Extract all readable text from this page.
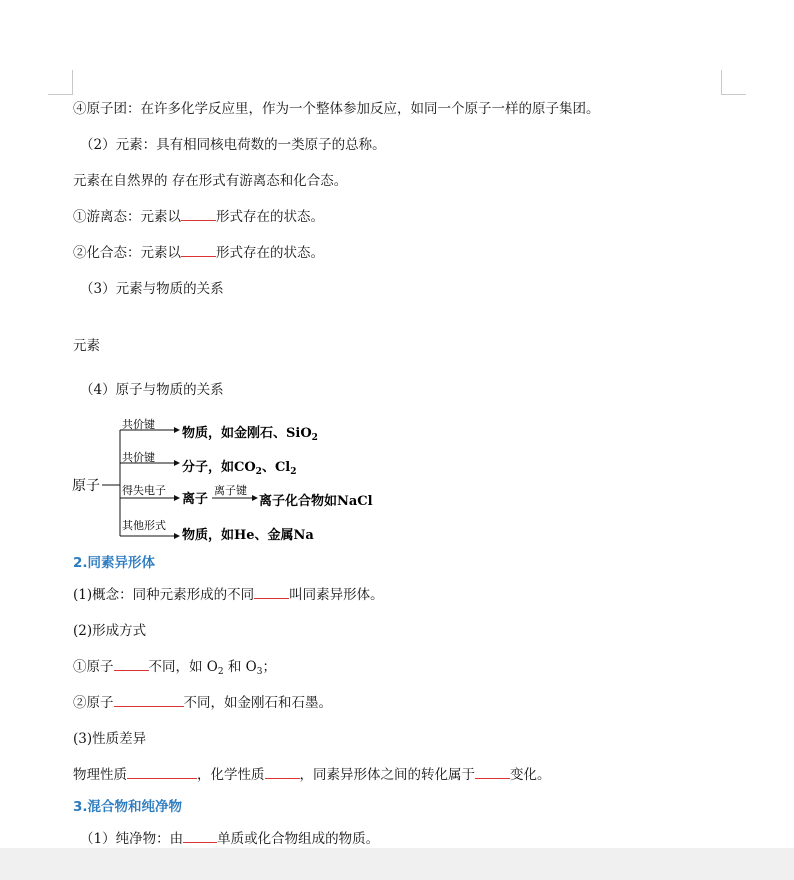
④原子团：在许多化学反应里，作为一个整体参加反应，如同一个原子一样的原子集团。
（2）元素：具有相同核电荷数的一类原子的总称。
元素在自然界的 存在形式有游离态和化合态。
①游离态：元素以	形式存在的状态。
②化合态：元素以	形式存在的状态。
（3）元素与物质的关系
元素
（4）原子与物质的关系
原子
共价键
共价键
得失电子
其他形式
物质，如金刚石、SiO$_2$
分子，如$CO_2$、$Cl_2$
离子
离子键
离子化合物如NaCl
物质，如He、金属Na
2.同素异形体
(1)概念：同种元素形成的不同	叫同素异形体。
(2)形成方式
①原子	不同，如 $O_2$ 和 $O_3$；
②原子	不同，如金刚石和石墨。
(3)性质差异
物理性质	，化学性质	，同素异形体之间的转化属于	变化。
3.混合物和纯净物
（1）纯净物：由	单质或化合物组成的物质。
